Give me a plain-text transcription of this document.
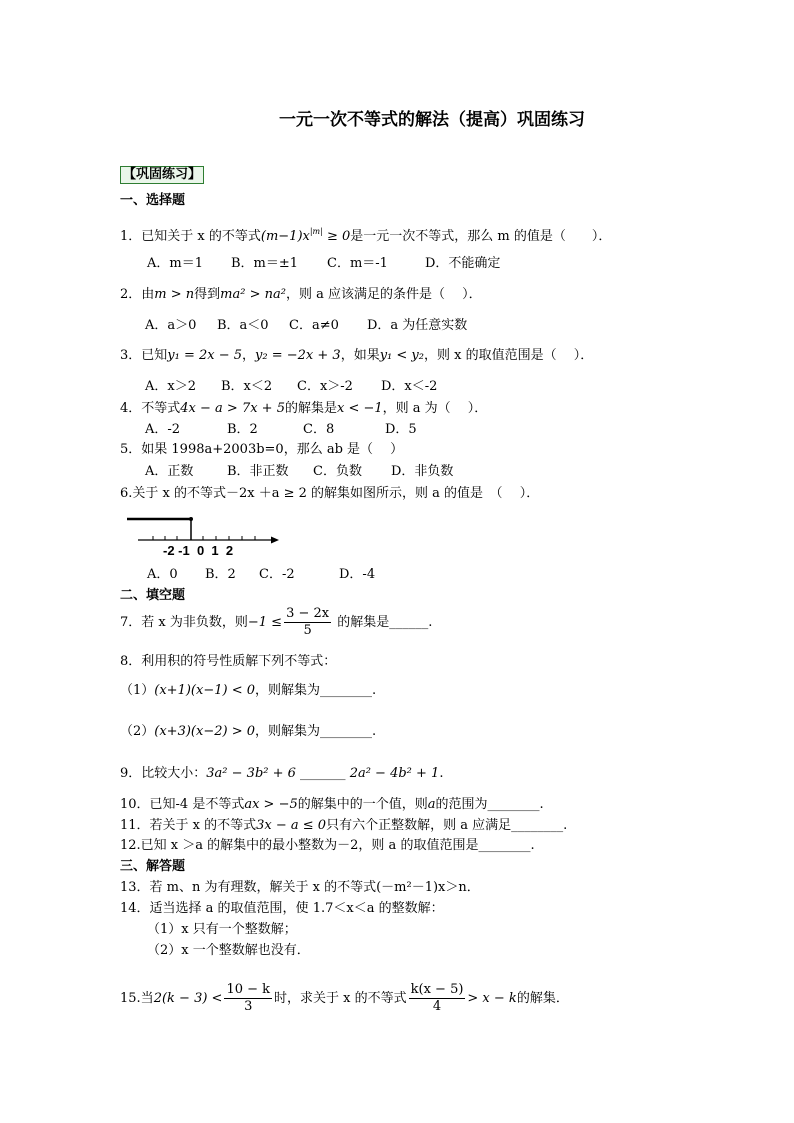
一元一次不等式的解法（提高）巩固练习
【巩固练习】
一、选择题
1．已知关于 x 的不等式$(m-1)x^{|m|} \ge 0$是一元一次不等式，那么 m 的值是（　　）．
A．m＝1 B．m＝±1 C．m＝-1	D．不能确定
2．由m > n得到ma² > na²，则 a 应该满足的条件是（　 ）．
A．a＞0 B．a＜0 C．a≠0 D．a 为任意实数
3．已知y₁ = 2x − 5，y₂ = −2x + 3，如果y₁ < y₂，则 x 的取值范围是（　 ）．
A．x＞2 B．x＜2 C．x＞-2 D．x＜-2
4．不等式4x − a > 7x + 5的解集是x < −1，则 a 为（　 ）．
A．-2	B．2	C．8	D．5
5．如果 1998a+2003b=0，那么 ab 是（　 ）
A．正数	B．非正数 C．负数 D．非负数
6.关于 x 的不等式－2x ＋a ≥ 2 的解集如图所示，则 a 的值是　（　 ）．
-2 -1  0  1  2
A．0 B．2 C．-2	D．-4
二、填空题
7．若 x 为非负数，则$-1 \le \frac{3 - 2x}{5}$ 的解集是______.
8．利用积的符号性质解下列不等式：
（1）(x+1)(x−1) < 0，则解集为________.
（2）(x+3)(x−2) > 0，则解集为________.
9．比较大小：3a² − 3b² + 6 _______ 2a² − 4b² + 1.
10．已知-4 是不等式ax > −5的解集中的一个值，则a的范围为________.
11．若关于 x 的不等式3x − a ≤ 0只有六个正整数解，则 a 应满足________.
12.已知 x ＞a 的解集中的最小整数为－2，则 a 的取值范围是________.
三、解答题
13．若 m、n 为有理数，解关于 x 的不等式(－m²－1)x＞n．
14．适当选择 a 的取值范围，使 1.7＜x＜a 的整数解：
（1）x 只有一个整数解；
（2）x 一个整数解也没有．
15.当$2(k - 3) < \frac{10 - k}{3}$ 时，求关于 x 的不等式 $\frac{k(x - 5)}{4} > x - k$的解集．
